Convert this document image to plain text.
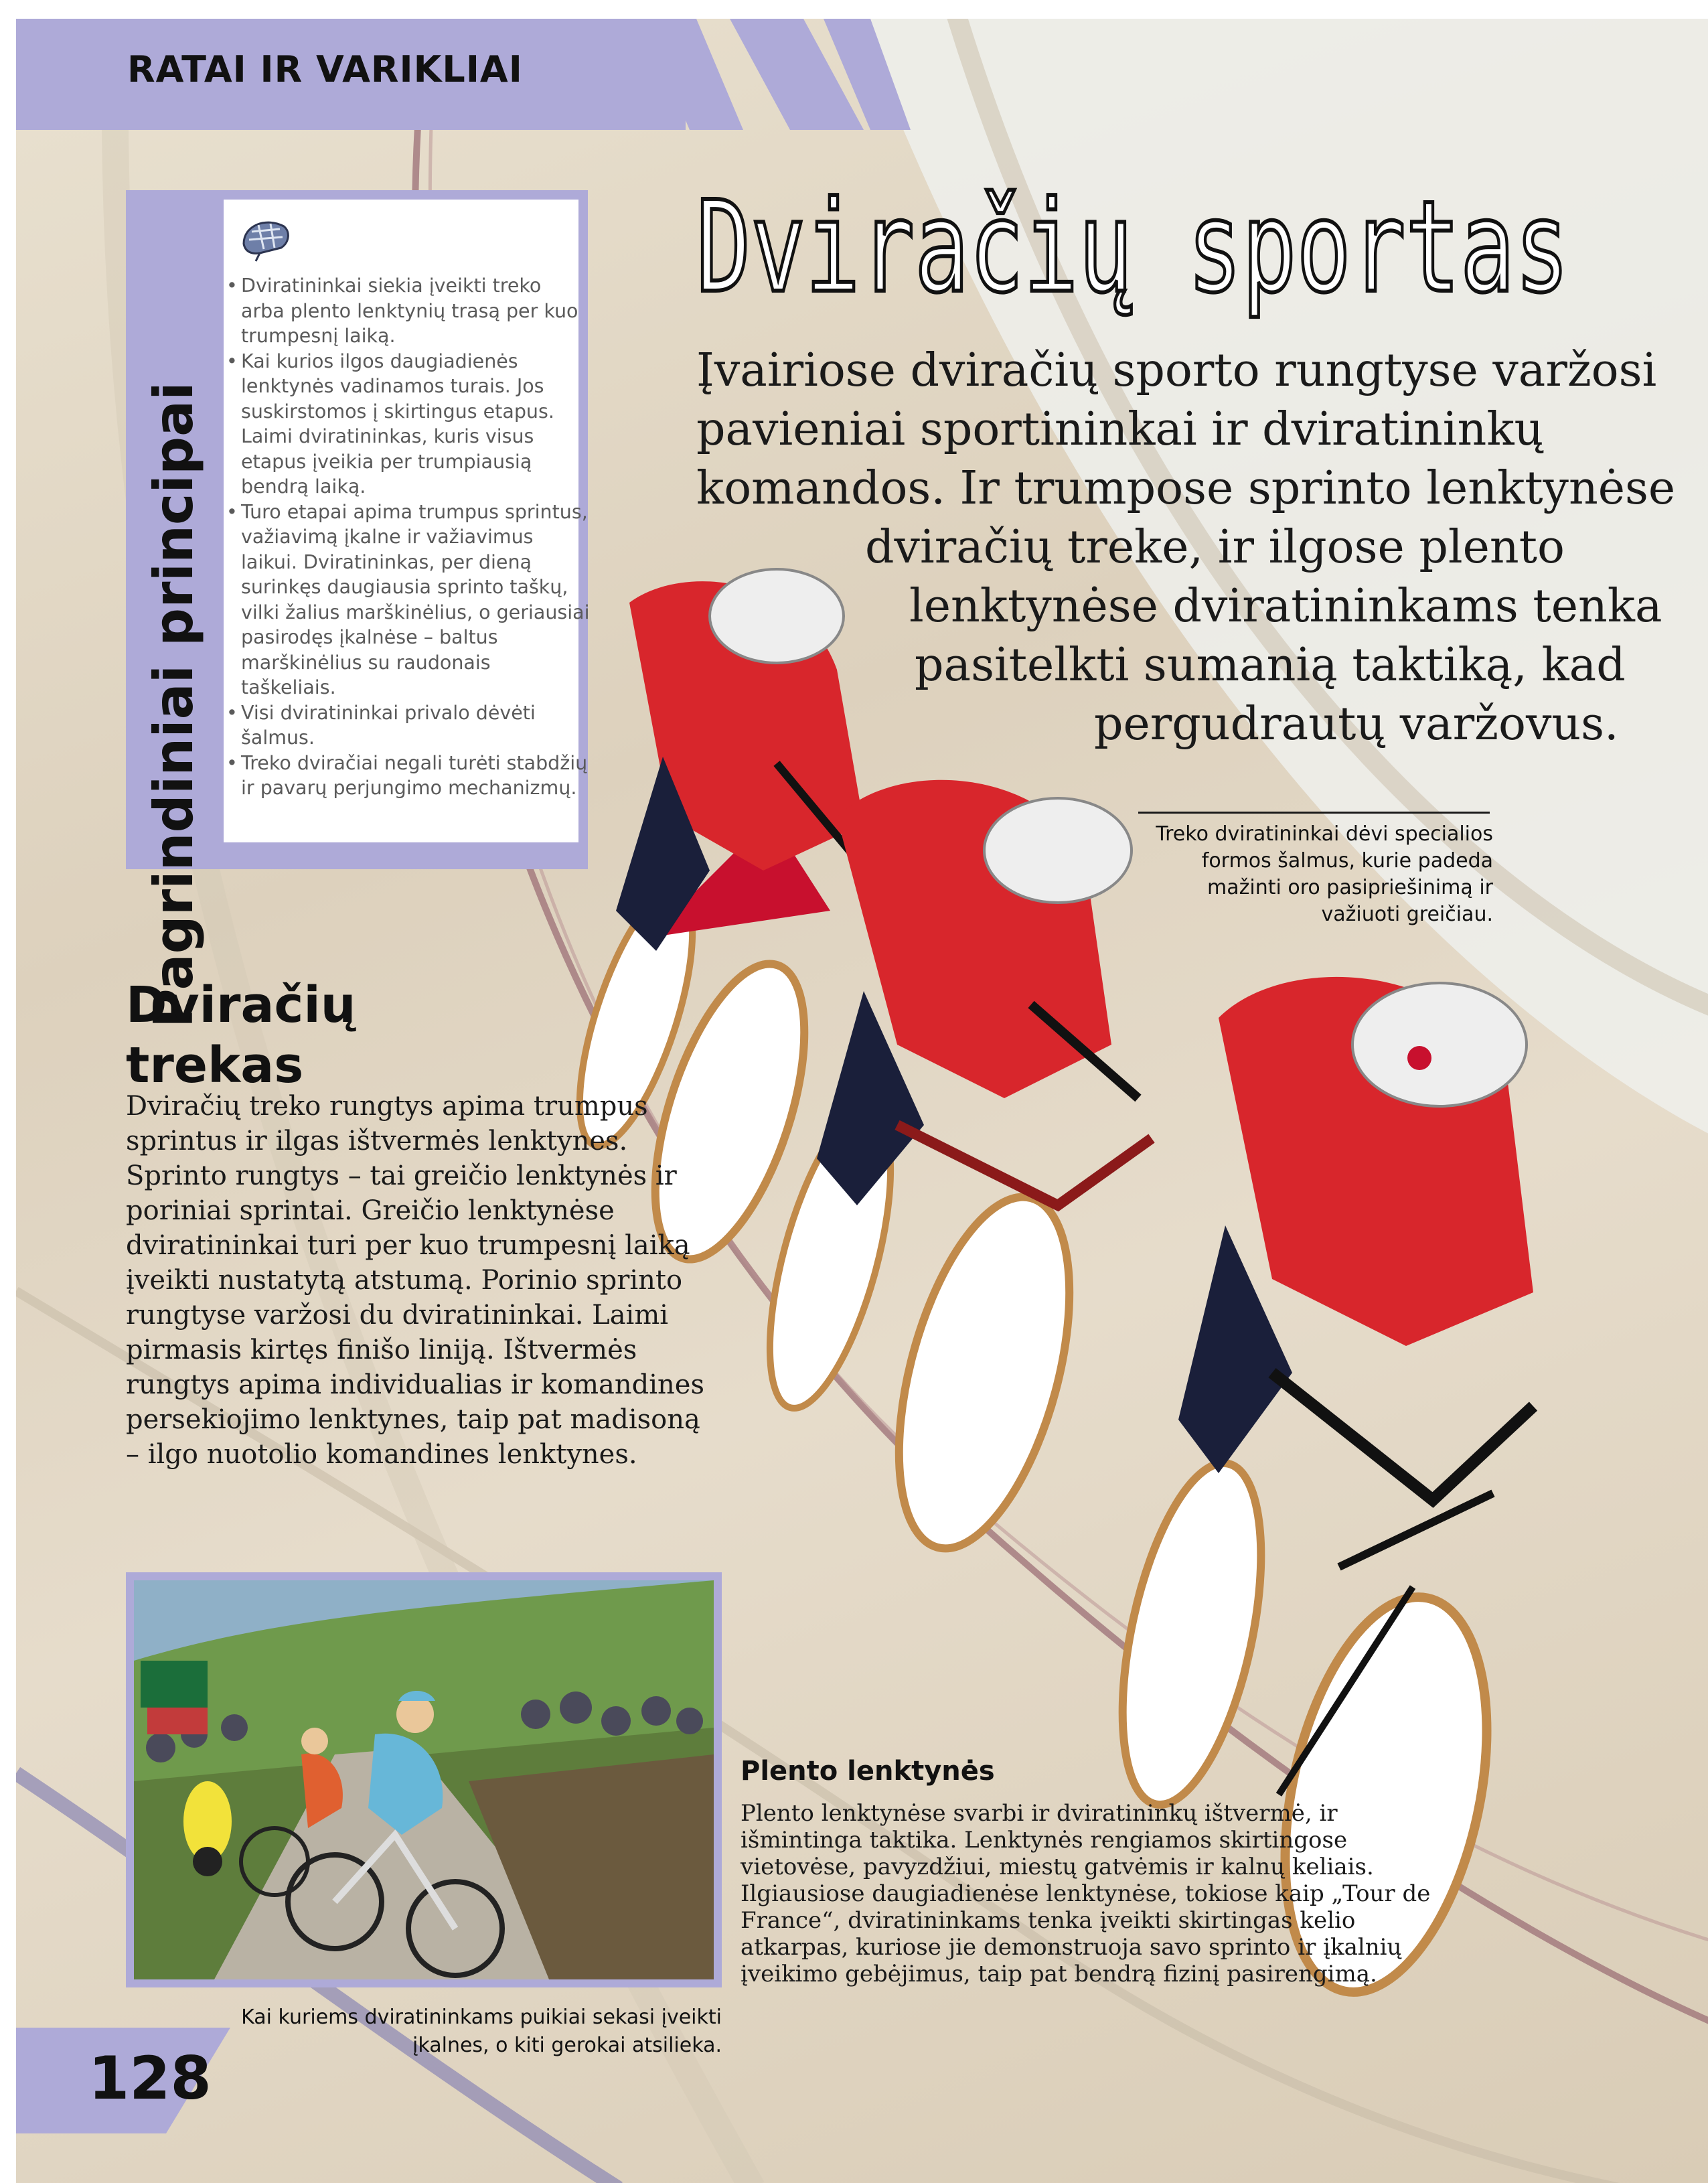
RATAI IR VARIKLIAI
Pagrindiniai principai
• Dviratininkai siekia įveikti treko arba plento lenktynių trasą per kuo trumpesnį laiką.
• Kai kurios ilgos daugiadienės lenktynės vadinamos turais. Jos suskirstomos į skirtingus etapus. Laimi dviratininkas, kuris visus etapus įveikia per trumpiausią bendrą laiką.
• Turo etapai apima trumpus sprintus, važiavimą įkalne ir važiavimus laikui. Dviratininkas, per dieną surinkęs daugiausia sprinto taškų, vilki žalius marškinėlius, o geriausiai pasirodęs įkalnėse – baltus marškinėlius su raudonais taškeliais.
• Visi dviratininkai privalo dėvėti šalmus.
• Treko dviračiai negali turėti stabdžių ir pavarų perjungimo mechanizmų.
Dviračių sportas
Įvairiose dviračių sporto rungtyse varžosi
pavieniai sportininkai ir dviratininkų
komandos. Ir trumpose sprinto lenktynėse
dviračių treke, ir ilgose plento
lenktynėse dviratininkams tenka
pasitelkti sumanią taktiką, kad
pergudrautų varžovus.
Treko dviratininkai dėvi specialios formos šalmus, kurie padeda mažinti oro pasipriešinimą ir važiuoti greičiau.
Dviračių trekas
Dviračių treko rungtys apima trumpus sprintus ir ilgas ištvermės lenktynes. Sprinto rungtys – tai greičio lenktynės ir poriniai sprintai. Greičio lenktynėse dviratininkai turi per kuo trumpesnį laiką įveikti nustatytą atstumą. Porinio sprinto rungtyse varžosi du dviratininkai. Laimi pirmasis kirtęs finišo liniją. Ištvermės rungtys apima individualias ir komandines persekiojimo lenktynes, taip pat madisoną – ilgo nuotolio komandines lenktynes.
Kai kuriems dviratininkams puikiai sekasi įveikti įkalnes, o kiti gerokai atsilieka.
Plento lenktynės
Plento lenktynėse svarbi ir dviratininkų ištvermė, ir išmintinga taktika. Lenktynės rengiamos skirtingose vietovėse, pavyzdžiui, miestų gatvėmis ir kalnų keliais. Ilgiausiose daugiadienėse lenktynėse, tokiose kaip „Tour de France“, dviratininkams tenka įveikti skirtingas kelio atkarpas, kuriose jie demonstruoja savo sprinto ir įkalnių įveikimo gebėjimus, taip pat bendrą fizinį pasirengimą.
128
